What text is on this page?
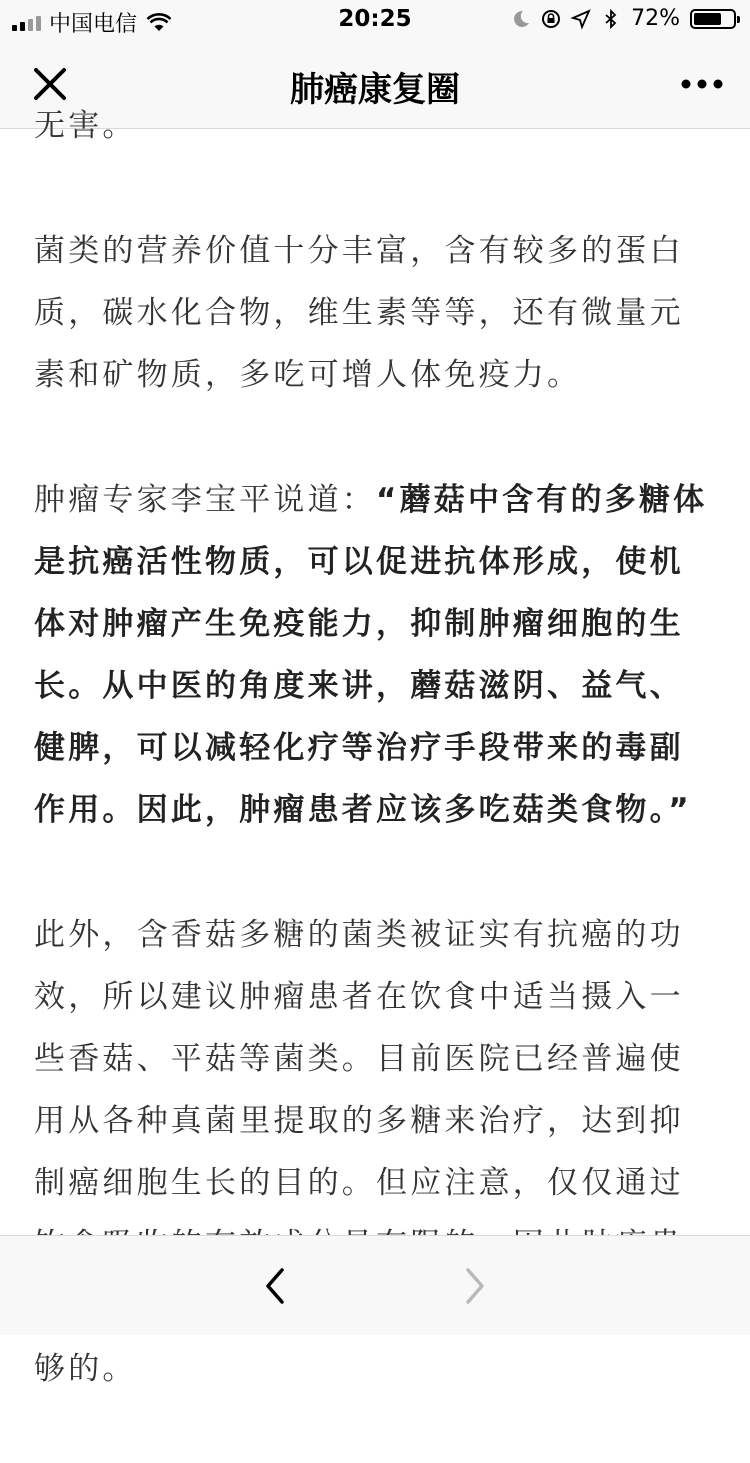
中国电信	20:25	72%
肺癌康复圈

无害。

菌类的营养价值十分丰富，含有较多的蛋白质，碳水化合物，维生素等等，还有微量元素和矿物质，多吃可增人体免疫力。

肿瘤专家李宝平说道：“蘑菇中含有的多糖体是抗癌活性物质，可以促进抗体形成，使机体对肿瘤产生免疫能力，抑制肿瘤细胞的生长。从中医的角度来讲，蘑菇滋阴、益气、健脾，可以减轻化疗等治疗手段带来的毒副作用。因此，肿瘤患者应该多吃菇类食物。”

此外，含香菇多糖的菌类被证实有抗癌的功效，所以建议肿瘤患者在饮食中适当摄入一些香菇、平菇等菌类。目前医院已经普遍使用从各种真菌里提取的多糖来治疗，达到抑制癌细胞生长的目的。但应注意，仅仅通过 够的。
